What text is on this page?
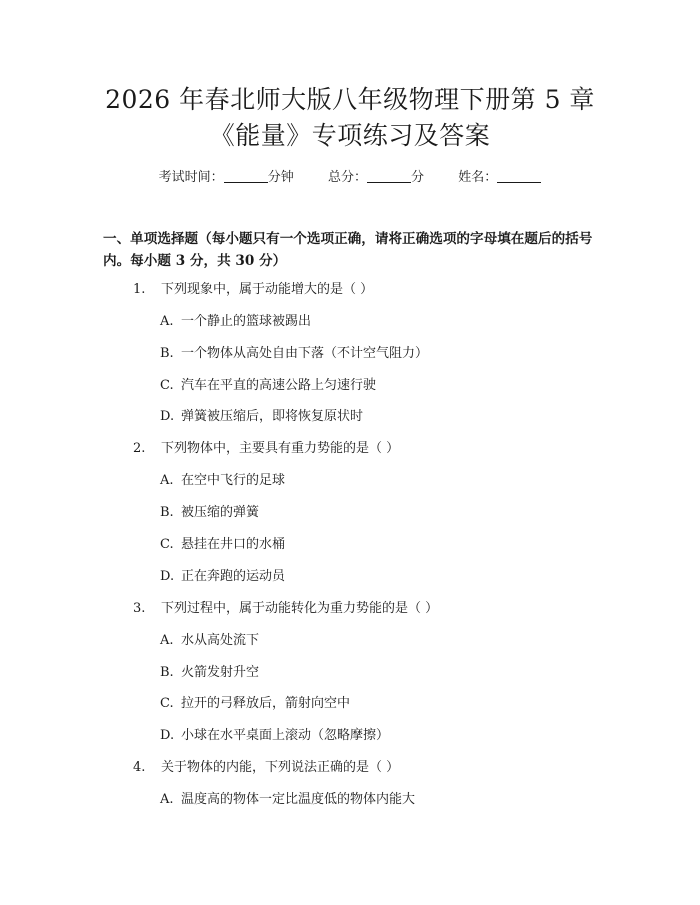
2026 年春北师大版八年级物理下册第 5 章
《能量》专项练习及答案
考试时间：	分钟	总分：	分	姓名：

一、单项选择题（每小题只有一个选项正确，请将正确选项的字母填在题后的括号内。每小题 3 分，共 30 分）

1. 下列现象中，属于动能增大的是（ ）
A. 一个静止的篮球被踢出
B. 一个物体从高处自由下落（不计空气阻力）
C. 汽车在平直的高速公路上匀速行驶
D. 弹簧被压缩后，即将恢复原状时
2. 下列物体中，主要具有重力势能的是（ ）
A. 在空中飞行的足球
B. 被压缩的弹簧
C. 悬挂在井口的水桶
D. 正在奔跑的运动员
3. 下列过程中，属于动能转化为重力势能的是（ ）
A. 水从高处流下
B. 火箭发射升空
C. 拉开的弓释放后，箭射向空中
D. 小球在水平桌面上滚动（忽略摩擦）
4. 关于物体的内能，下列说法正确的是（ ）
A. 温度高的物体一定比温度低的物体内能大
